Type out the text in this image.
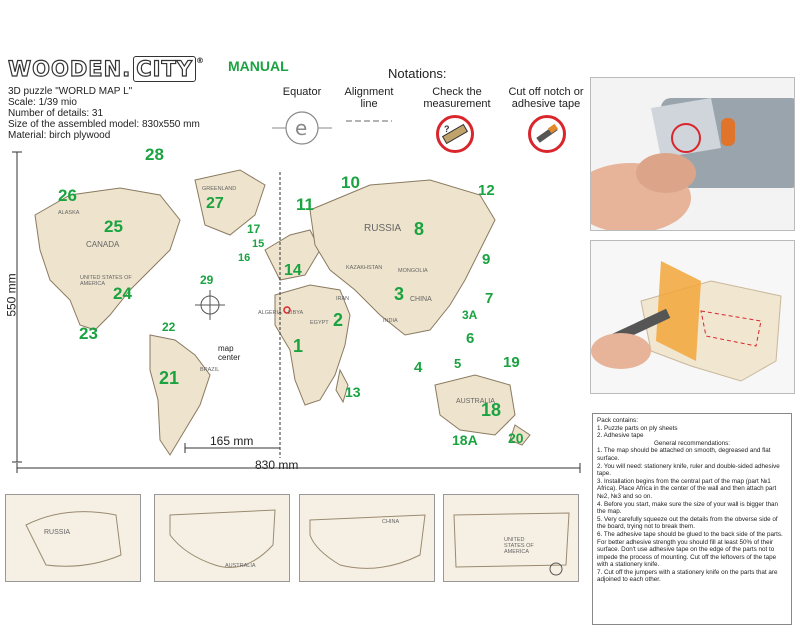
WOODEN. CITY ® MANUAL	Notations:
3D puzzle "WORLD MAP L"
Scale: 1/39 mio
Number of details: 31
Size of the assembled model: 830x550 mm
Material: birch plywood
Equator
e
Alignment line
Check the measurement
?
Cut off notch or adhesive tape
ALASKA
CANADA
UNITED STATES OF AMERICA
GREENLAND
RUSSIA
KAZAKHSTAN	MONGOLIA
CHINA
INDIA
IRAN
ALGERIA LIBYA
EGYPT
BRAZIL
AUSTRALIA
28
26	27
25	17
15
16
14
11
10	12
8
9
7
3
3A
6
5	19
4
2
1
29
24
23	22
21
13
18
18A 20
map center
550 mm
165 mm
830 mm
RUSSIA
AUSTRALIA
CHINA
UNITED STATES OF AMERICA
Pack contains:
1. Puzzle parts on ply sheets
2. Adhesive tape
General recommendations:
1. The map should be attached on smooth, degreased and flat surface.
2. You will need: stationery knife, ruler and double-sided adhesive tape.
3. Installation begins from the central part of the map (part №1 Africa). Place Africa in the center of the wall and then attach part №2, №3 and so on.
4. Before you start, make sure the size of your wall is bigger than the map.
5. Very carefully squeeze out the details from the obverse side of the board, trying not to break them.
6. The adhesive tape should be glued to the back side of the parts. For better adhesive strength you should fill at least 50% of their surface. Don't use adhesive tape on the edge of the parts not to impede the process of mounting. Cut off the leftovers of the tape with a stationery knife.
7. Cut off the jumpers with a stationery knife on the parts that are adjoined to each other.
